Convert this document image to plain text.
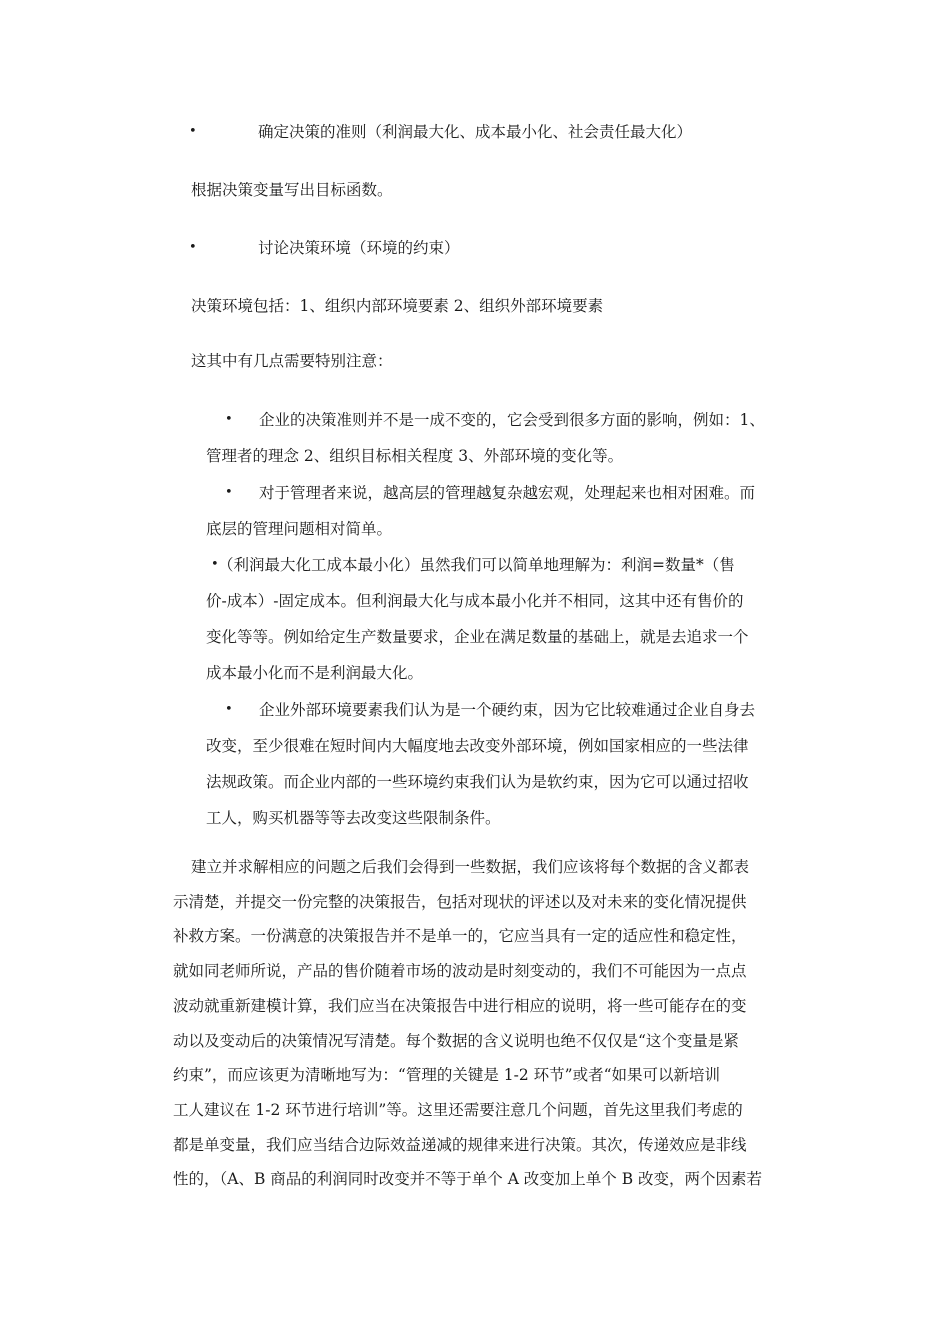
•	确定决策的准则（利润最大化、成本最小化、社会责任最大化）

根据决策变量写出目标函数。

•	讨论决策环境（环境的约束）

决策环境包括：1、组织内部环境要素 2、组织外部环境要素

这其中有几点需要特别注意：

•	企业的决策准则并不是一成不变的，它会受到很多方面的影响，例如：1、
管理者的理念 2、组织目标相关程度 3、外部环境的变化等。
•	对于管理者来说，越高层的管理越复杂越宏观，处理起来也相对困难。而
底层的管理问题相对简单。
• （利润最大化工成本最小化）虽然我们可以简单地理解为：利润=数量*（售
价-成本）-固定成本。但利润最大化与成本最小化并不相同，这其中还有售价的
变化等等。例如给定生产数量要求，企业在满足数量的基础上，就是去追求一个
成本最小化而不是利润最大化。
•	企业外部环境要素我们认为是一个硬约束，因为它比较难通过企业自身去
改变，至少很难在短时间内大幅度地去改变外部环境，例如国家相应的一些法律
法规政策。而企业内部的一些环境约束我们认为是软约束，因为它可以通过招收
工人，购买机器等等去改变这些限制条件。
建立并求解相应的问题之后我们会得到一些数据，我们应该将每个数据的含义都表
示清楚，并提交一份完整的决策报告，包括对现状的评述以及对未来的变化情况提供
补救方案。一份满意的决策报告并不是单一的，它应当具有一定的适应性和稳定性，
就如同老师所说，产品的售价随着市场的波动是时刻变动的，我们不可能因为一点点
波动就重新建模计算，我们应当在决策报告中进行相应的说明，将一些可能存在的变
动以及变动后的决策情况写清楚。每个数据的含义说明也绝不仅仅是“这个变量是紧
约束”，而应该更为清晰地写为：“管理的关键是 1-2 环节”或者“如果可以新培训
工人建议在 1-2 环节进行培训”等。这里还需要注意几个问题，首先这里我们考虑的
都是单变量，我们应当结合边际效益递减的规律来进行决策。其次，传递效应是非线
性的，（A、B 商品的利润同时改变并不等于单个 A 改变加上单个 B 改变，两个因素若
